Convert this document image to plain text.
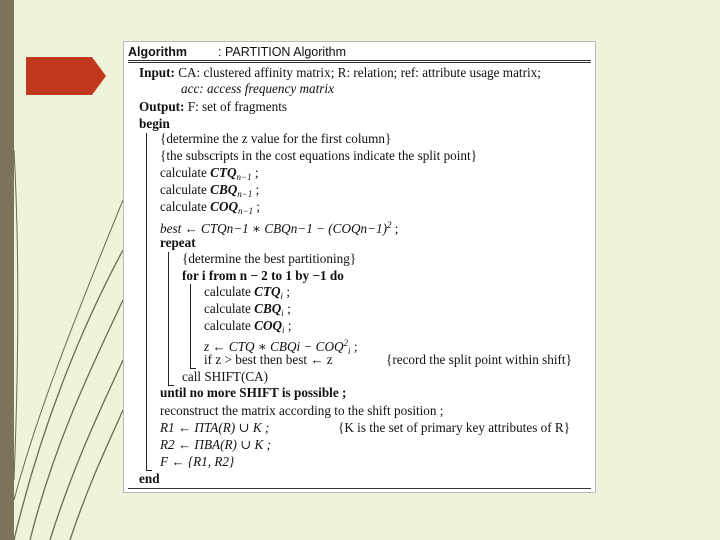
Algorithm : PARTITION Algorithm
Input: CA: clustered affinity matrix; R: relation; ref: attribute usage matrix;
acc: access frequency matrix
Output: F: set of fragments
begin
{determine the z value for the first column}
{the subscripts in the cost equations indicate the split point}
calculate $CTQ_{n-1}$ ;
calculate $CBQ_{n-1}$ ;
calculate $COQ_{n-1}$ ;
best ← CTQn−1 ∗ CBQn−1 − (COQn−1)$^2$ ;
repeat
{determine the best partitioning}
for i from n − 2 to 1 by −1 do
calculate $CTQ_i$ ;
calculate $CBQ_i$ ;
calculate $COQ_i$ ;
z ← CTQ ∗ CBQi − $COQ^2_i$ ;
if z > best then best ← z	{record the split point within shift}
call SHIFT(CA)
until no more SHIFT is possible ;
reconstruct the matrix according to the shift position ;
R1 ← ΠTA(R) ∪ K ;	{K is the set of primary key attributes of R}
R2 ← ΠBA(R) ∪ K ;
F ← {R1, R2}
end
